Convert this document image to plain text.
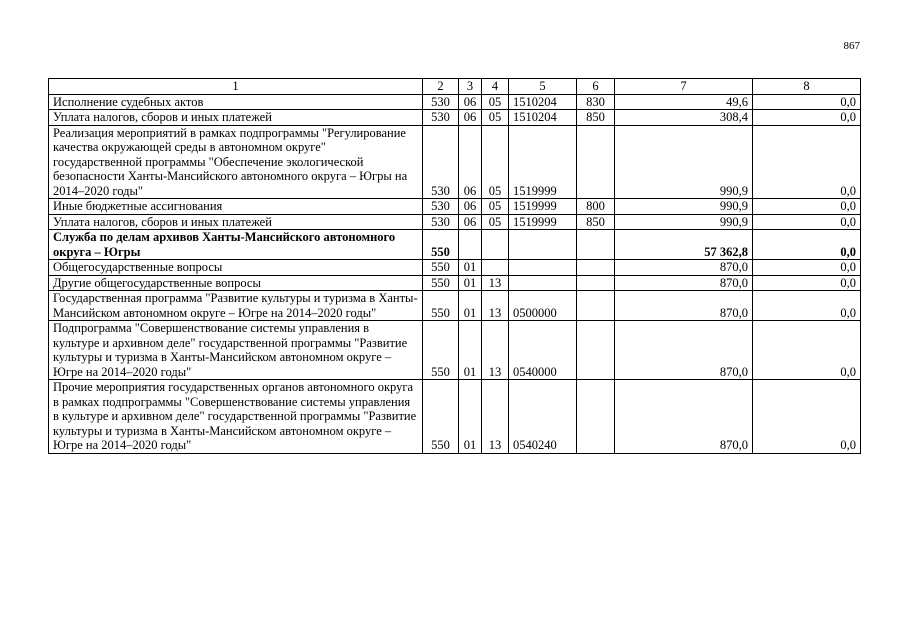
867
1	2	3	4	5	6	7	8
Исполнение судебных актов	530	06	05	1510204	830	49,6	0,0
Уплата налогов, сборов и иных платежей	530	06	05	1510204	850	308,4	0,0
Реализация мероприятий в рамках подпрограммы "Регулирование качества окружающей среды в автономном округе" государственной программы "Обеспечение экологической безопасности Ханты-Мансийского автономного округа – Югры на 2014–2020 годы"	530	06	05	1519999		990,9	0,0
Иные бюджетные ассигнования	530	06	05	1519999	800	990,9	0,0
Уплата налогов, сборов и иных платежей	530	06	05	1519999	850	990,9	0,0
Служба по делам архивов Ханты-Мансийского автономного округа – Югры	550					57 362,8	0,0
Общегосударственные вопросы	550	01				870,0	0,0
Другие общегосударственные вопросы	550	01	13			870,0	0,0
Государственная программа "Развитие культуры и туризма в Ханты-Мансийском автономном округе – Югре на 2014–2020 годы"	550	01	13	0500000		870,0	0,0
Подпрограмма "Совершенствование системы управления в культуре и архивном деле" государственной программы "Развитие культуры и туризма в Ханты-Мансийском автономном округе – Югре на 2014–2020 годы"	550	01	13	0540000		870,0	0,0
Прочие мероприятия государственных органов автономного округа в рамках подпрограммы "Совершенствование системы управления в культуре и архивном деле" государственной программы "Развитие культуры и туризма в Ханты-Мансийском автономном округе – Югре на 2014–2020 годы"	550	01	13	0540240		870,0	0,0
